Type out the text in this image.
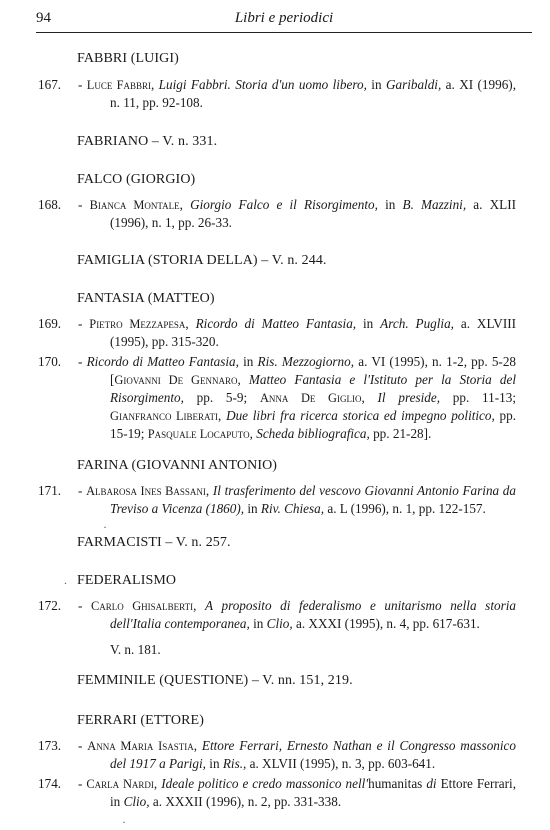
94	Libri e periodici
FABBRI (LUIGI)
167. - Luce Fabbri, Luigi Fabbri. Storia d'un uomo libero, in Garibaldi, a. XI (1996),
n. 11, pp. 92-108.
FABRIANO – V. n. 331.
FALCO (GIORGIO)
168. - Bianca Montale, Giorgio Falco e il Risorgimento, in B. Mazzini, a. XLII
(1996), n. 1, pp. 26-33.
FAMIGLIA (STORIA DELLA) – V. n. 244.
FANTASIA (MATTEO)
169. - Pietro Mezzapesa, Ricordo di Matteo Fantasia, in Arch. Puglia, a. XLVIII
(1995), pp. 315-320.
170. - Ricordo di Matteo Fantasia, in Ris. Mezzogiorno, a. VI (1995), n. 1-2, pp. 5-28
[Giovanni De Gennaro, Matteo Fantasia e l'Istituto per la Storia del
Risorgimento, pp. 5-9; Anna De Giglio, Il preside, pp. 11-13;
Gianfranco Liberati, Due libri fra ricerca storica ed impegno politico, pp.
15-19; Pasquale Locaputo, Scheda bibliografica, pp. 21-28].
FARINA (GIOVANNI ANTONIO)
171. - Albarosa Ines Bassani, Il trasferimento del vescovo Giovanni Antonio Farina da
Treviso a Vicenza (1860), in Riv. Chiesa, a. L (1996), n. 1, pp. 122-157.
·
FARMACISTI – V. n. 257.
. FEDERALISMO
172. - Carlo Ghisalberti, A proposito di federalismo e unitarismo nella storia
dell'Italia contemporanea, in Clio, a. XXXI (1995), n. 4, pp. 617-631.
V. n. 181.
FEMMINILE (QUESTIONE) – V. nn. 151, 219.
FERRARI (ETTORE)
173. - Anna Maria Isastia, Ettore Ferrari, Ernesto Nathan e il Congresso massonico
del 1917 a Parigi, in Ris., a. XLVII (1995), n. 3, pp. 603-641.
174. - Carla Nardi, Ideale politico e credo massonico nell'humanitas di Ettore Ferrari,
in Clio, a. XXXII (1996), n. 2, pp. 331-338.
·
